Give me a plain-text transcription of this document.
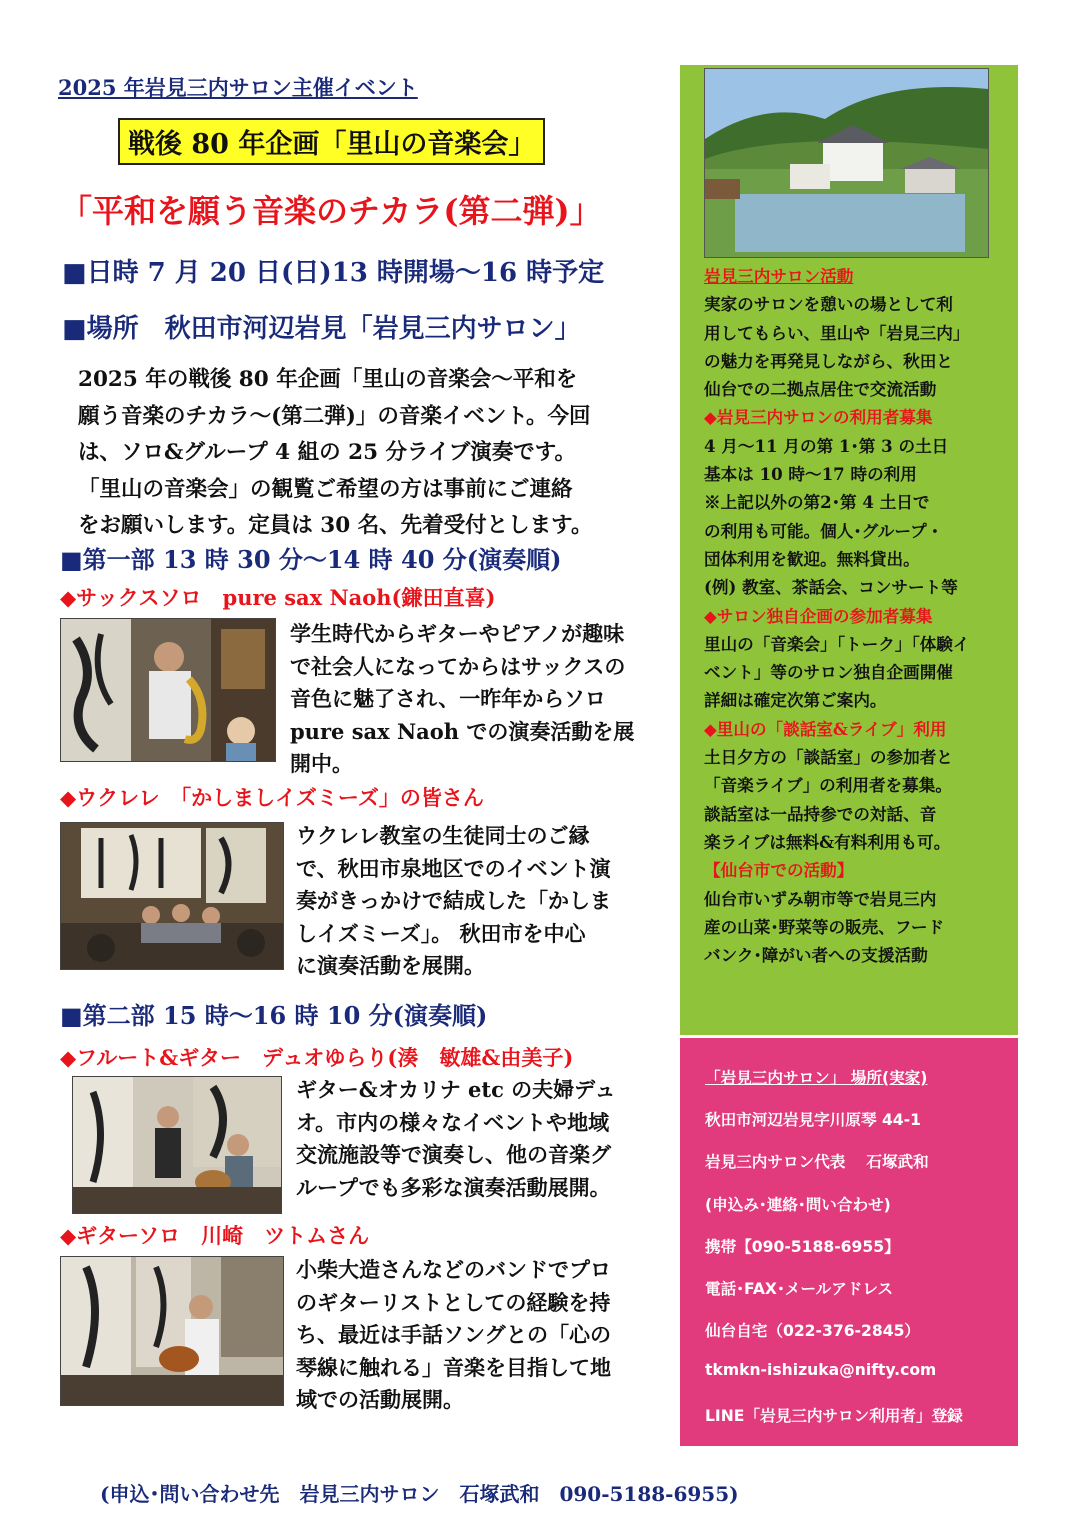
2025 年岩見三内サロン主催イベント
戦後 80 年企画「里山の音楽会」
「平和を願う音楽のチカラ(第二弾)」
■日時 7 月 20 日(日)13 時開場～16 時予定
■場所　秋田市河辺岩見「岩見三内サロン」
2025 年の戦後 80 年企画「里山の音楽会～平和を
願う音楽のチカラ～(第二弾)」の音楽イベント。今回
は、ソロ&グループ 4 組の 25 分ライブ演奏です。
「里山の音楽会」の観覧ご希望の方は事前にご連絡
をお願いします。定員は 30 名、先着受付とします。
■第一部 13 時 30 分～14 時 40 分(演奏順)
◆サックスソロ　pure sax Naoh(鎌田直喜)
学生時代からギターやピアノが趣味
で社会人になってからはサックスの
音色に魅了され、一昨年からソロ
pure sax Naoh での演奏活動を展
開中。
◆ウクレレ　「かしましイズミーズ」の皆さん
ウクレレ教室の生徒同士のご縁
で、秋田市泉地区でのイベント演
奏がきっかけで結成した「かしま
しイズミーズ」。 秋田市を中心
に演奏活動を展開。
■第二部 15 時～16 時 10 分(演奏順)
◆フルート&ギター　デュオゆらり(湊　敏雄&由美子)
ギター&オカリナ etc の夫婦デュ
オ。市内の様々なイベントや地域
交流施設等で演奏し、他の音楽グ
ループでも多彩な演奏活動展開。
◆ギターソロ　川崎　ツトムさん
小柴大造さんなどのバンドでプロ
のギターリストとしての経験を持
ち、最近は手話ソングとの「心の
琴線に触れる」音楽を目指して地
域での活動展開。
(申込･問い合わせ先　岩見三内サロン　石塚武和　090-5188-6955)
岩見三内サロン活動
実家のサロンを憩いの場として利
用してもらい、里山や「岩見三内」
の魅力を再発見しながら、秋田と
仙台での二拠点居住で交流活動
◆岩見三内サロンの利用者募集
4 月～11 月の第 1･第 3 の土日
基本は 10 時～17 時の利用
※上記以外の第2･第 4 土日で
の利用も可能。個人･グループ・
団体利用を歓迎。無料貸出。
(例) 教室、茶話会、コンサート等
◆サロン独自企画の参加者募集
里山の「音楽会」「トーク」「体験イ
ベント」等のサロン独自企画開催
詳細は確定次第ご案内。
◆里山の「談話室&ライブ」利用
土日夕方の「談話室」の参加者と
「音楽ライブ」の利用者を募集。
談話室は一品持参での対話、音
楽ライブは無料&有料利用も可。
【仙台市での活動】
仙台市いずみ朝市等で岩見三内
産の山菜･野菜等の販売、フード
バンク･障がい者への支援活動
「岩見三内サロン」 場所(実家)
秋田市河辺岩見字川原琴 44-1
岩見三内サロン代表　 石塚武和
(申込み･連絡･問い合わせ)
携帯【090-5188-6955】
電話･FAX･メールアドレス
仙台自宅（022-376-2845）
tkmkn-ishizuka@nifty.com
LINE「岩見三内サロン利用者」登録
